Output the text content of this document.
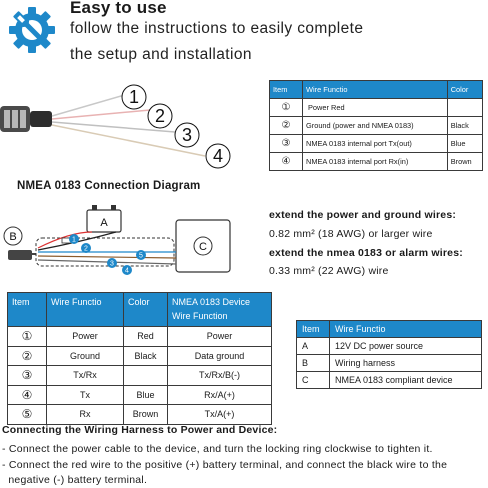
Easy to use
follow the instructions to easily complete
the setup and installation
1
2
3
4
Item	Wire Functio	Color
①	Power Red	
②	Ground (power and NMEA 0183)	Black
③	NMEA 0183 internal port Tx(out)	Blue
④	NMEA 0183 internal port Rx(in)	Brown
NMEA 0183 Connection Diagram
A
C
B	1
2
3
4
5
extend the power and ground wires:
0.82 mm² (18 AWG) or larger wire
extend the nmea 0183 or alarm wires:
0.33 mm² (22 AWG) wire
Item	Wire Functio	Color	NMEA 0183 Device Wire Function
①	Power	Red	Power
②	Ground	Black	Data ground
③	Tx/Rx		Tx/Rx/B(-)
④	Tx	Blue	Rx/A(+)
⑤	Rx	Brown	Tx/A(+)
Item	Wire Functio
A	12V DC power source
B	Wiring harness
C	NMEA 0183 compliant device
Connecting the Wiring Harness to Power and Device:
- Connect the power cable to the device, and turn the locking ring clockwise to tighten it.
- Connect the red wire to the positive (+) battery terminal, and connect the black wire to the
negative (-) battery terminal.
